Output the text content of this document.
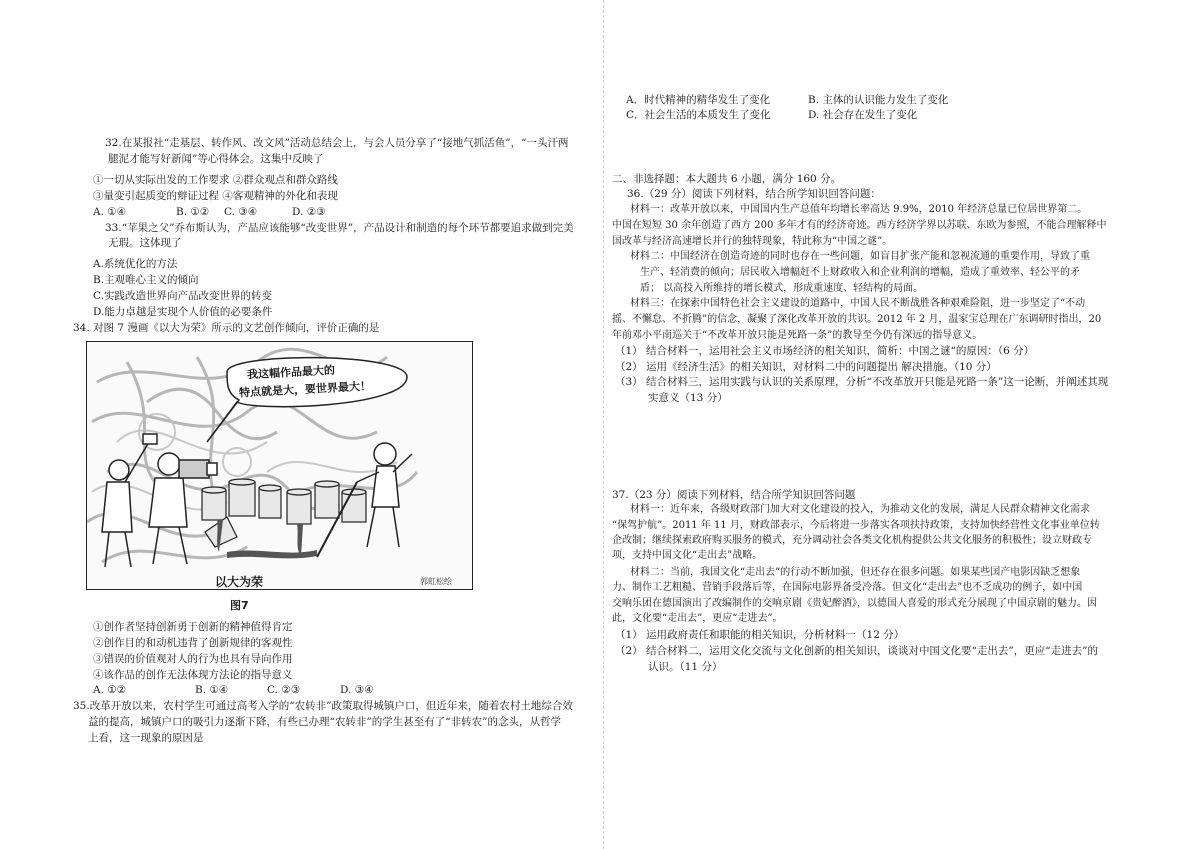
32.在某报社“走基层、转作风、改文风”活动总结会上，与会人员分享了“接地气抓活鱼”，“一头汗两
腿泥才能写好新闻”等心得体会。这集中反映了
①一切从实际出发的工作要求 ②群众观点和群众路线
③量变引起质变的辩证过程 ④客观精神的外化和表现
A. ①④	B. ①② C. ③④	D. ②③
33.“苹果之父”乔布斯认为，产品应该能够“改变世界”，产品设计和制造的每个环节都要追求做到完美
无瑕。这体现了
A.系统优化的方法
B.主观唯心主义的倾向
C.实践改造世界向产品改变世界的转变
D.能力卓越是实现个人价值的必要条件
34. 对图 7 漫画《以大为荣》所示的文艺创作倾向，评价正确的是
我这幅作品最大的
特点就是大，要世界最大！
以大为荣	郭虹松绘
图7
①创作者坚持创新勇于创新的精神值得肯定
②创作目的和动机违背了创新规律的客观性
③错误的价值观对人的行为也具有导向作用
④该作品的创作无法体现方法论的指导意义
A. ①②	B. ①④	C. ②③	D. ③④
35.改革开放以来，农村学生可通过高考入学的“农转非”政策取得城镇户口，但近年来，随着农村土地综合效
益的提高，城镇户口的吸引力逐渐下降，有些已办理“农转非”的学生甚至有了“非转农”的念头，从哲学
上看，这一现象的原因是
A．时代精神的精华发生了变化	B. 主体的认识能力发生了变化
C．社会生活的本质发生了变化	D. 社会存在发生了变化
二、非选择题：本大题共 6 小题，满分 160 分。
36.（29 分）阅读下列材料，结合所学知识回答问题：
材料一：改革开放以来，中国国内生产总值年均增长率高达 9.9%，2010 年经济总量已位居世界第二。
中国在短短 30 余年创造了西方 200 多年才有的经济奇迹。西方经济学界以苏联、东欧为参照，不能合理解释中
国改革与经济高速增长并行的独特现象，特此称为“中国之谜”。
材料二：中国经济在创造奇迹的同时也存在一些问题，如盲目扩张产能和忽视流通的重要作用，导致了重
生产、轻消费的倾向；居民收入增幅赶不上财政收入和企业利润的增幅，造成了重效率、轻公平的矛
盾； 以高投入所维持的增长模式，形成重速度、轻结构的局面。
材料三：在探索中国特色社会主义建设的道路中，中国人民不断战胜各种艰难险阻，进一步坚定了“不动
摇、不懈怠、不折腾”的信念，凝聚了深化改革开放的共识。2012 年 2 月，温家宝总理在广东调研时指出，20
年前邓小平南巡关于“不改革开放只能是死路一条”的教导至今仍有深远的指导意义。
（1） 结合材料一，运用社会主义市场经济的相关知识，简析：中国之谜“的原因：（6 分）
（2） 运用《经济生活》的相关知识，对材料二中的问题提出 解决措施。（10 分）
（3） 结合材料三，运用实践与认识的关系原理，分析“不改革放开只能是死路一条”这一论断，并阐述其现
实意义（13 分）
37.（23 分）阅读下列材料，结合所学知识回答问题
材料一：近年来，各级财政部门加大对文化建设的投入，为推动文化的发展，满足人民群众精神文化需求
“保驾护航”。2011 年 11 月，财政部表示，今后将进一步落实各项扶持政策，支持加快经营性文化事业单位转
企改制；继续探索政府购买服务的模式，充分调动社会各类文化机构提供公共文化服务的积极性；设立财政专
项，支持中国文化“走出去”战略。
材料二：当前，我国文化“走出去”的行动不断加强，但还存在很多问题。如果某些国产电影因缺乏想象
力、制作工艺粗糙、营销手段落后等，在国际电影界备受冷落。但文化“走出去”也不乏成功的例子，如中国
交响乐团在德国演出了改编制作的交响京剧《贵妃醉酒》，以德国人喜爱的形式充分展现了中国京剧的魅力。因
此，文化要“走出去”，更应“走进去”。
（1） 运用政府责任和职能的相关知识，分析材料一（12 分）
（2） 结合材料二，运用文化交流与文化创新的相关知识，谈谈对中国文化要“走出去”，更应“走进去”的
认识。（11 分）
